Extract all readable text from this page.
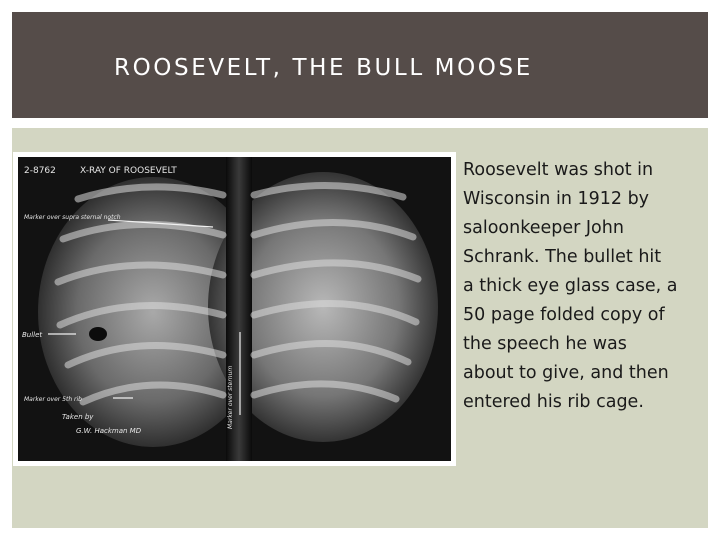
ROOSEVELT, THE BULL MOOSE
2-8762	X-RAY OF ROOSEVELT
Marker over supra sternal notch
Bullet
Marker over 5th rib	Marker over sternum
Taken by
G.W. Hackman MD

Roosevelt was shot in
Wisconsin in 1912 by
saloonkeeper John
Schrank. The bullet hit
a thick eye glass case, a
50 page folded copy of
the speech he was
about to give, and then
entered his rib cage.
